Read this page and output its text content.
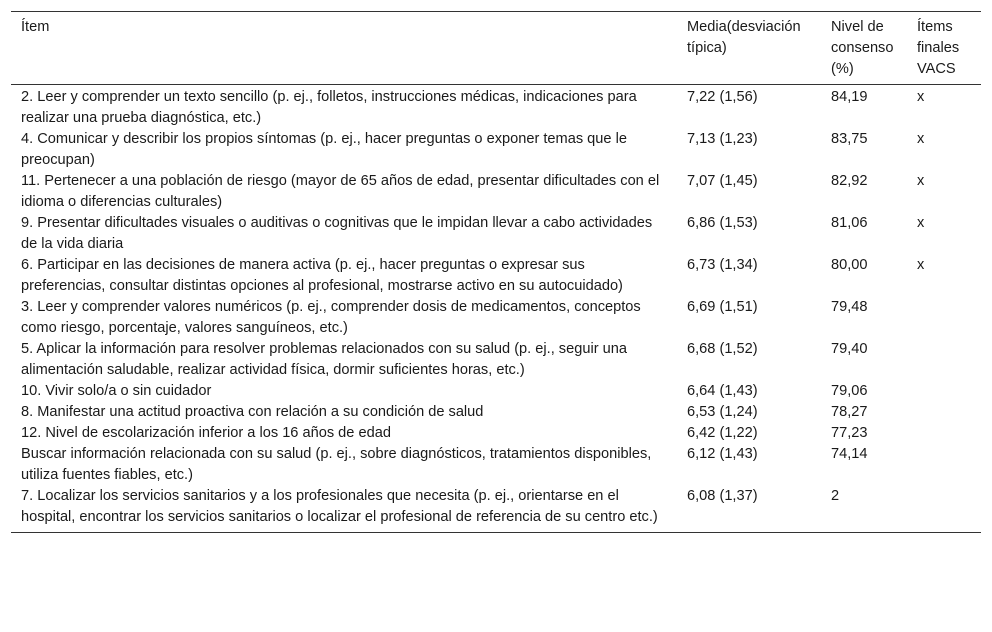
Ítem	Media(desviación típica)	Nivel de consenso (%)	Ítems finales VACS
2. Leer y comprender un texto sencillo (p. ej., folletos, instrucciones médicas, indicaciones para realizar una prueba diagnóstica, etc.)	7,22 (1,56)	84,19	x
4. Comunicar y describir los propios síntomas (p. ej., hacer preguntas o exponer temas que le preocupan)	7,13 (1,23)	83,75	x
11. Pertenecer a una población de riesgo (mayor de 65 años de edad, presentar dificultades con el idioma o diferencias culturales)	7,07 (1,45)	82,92	x
9. Presentar dificultades visuales o auditivas o cognitivas que le impidan llevar a cabo actividades de la vida diaria	6,86 (1,53)	81,06	x
6. Participar en las decisiones de manera activa (p. ej., hacer preguntas o expresar sus preferencias, consultar distintas opciones al profesional, mostrarse activo en su autocuidado)	6,73 (1,34)	80,00	x
3. Leer y comprender valores numéricos (p. ej., comprender dosis de medicamentos, conceptos como riesgo, porcentaje, valores sanguíneos, etc.)	6,69 (1,51)	79,48	
5. Aplicar la información para resolver problemas relacionados con su salud (p. ej., seguir una alimentación saludable, realizar actividad física, dormir suficientes horas, etc.)	6,68 (1,52)	79,40	
10. Vivir solo/a o sin cuidador	6,64 (1,43)	79,06	
8. Manifestar una actitud proactiva con relación a su condición de salud	6,53 (1,24)	78,27	
12. Nivel de escolarización inferior a los 16 años de edad	6,42 (1,22)	77,23	
Buscar información relacionada con su salud (p. ej., sobre diagnósticos, tratamientos disponibles, utiliza fuentes fiables, etc.)	6,12 (1,43)	74,14	
7. Localizar los servicios sanitarios y a los profesionales que necesita (p. ej., orientarse en el hospital, encontrar los servicios sanitarios o localizar el profesional de referencia de su centro etc.)	6,08 (1,37)	2	
